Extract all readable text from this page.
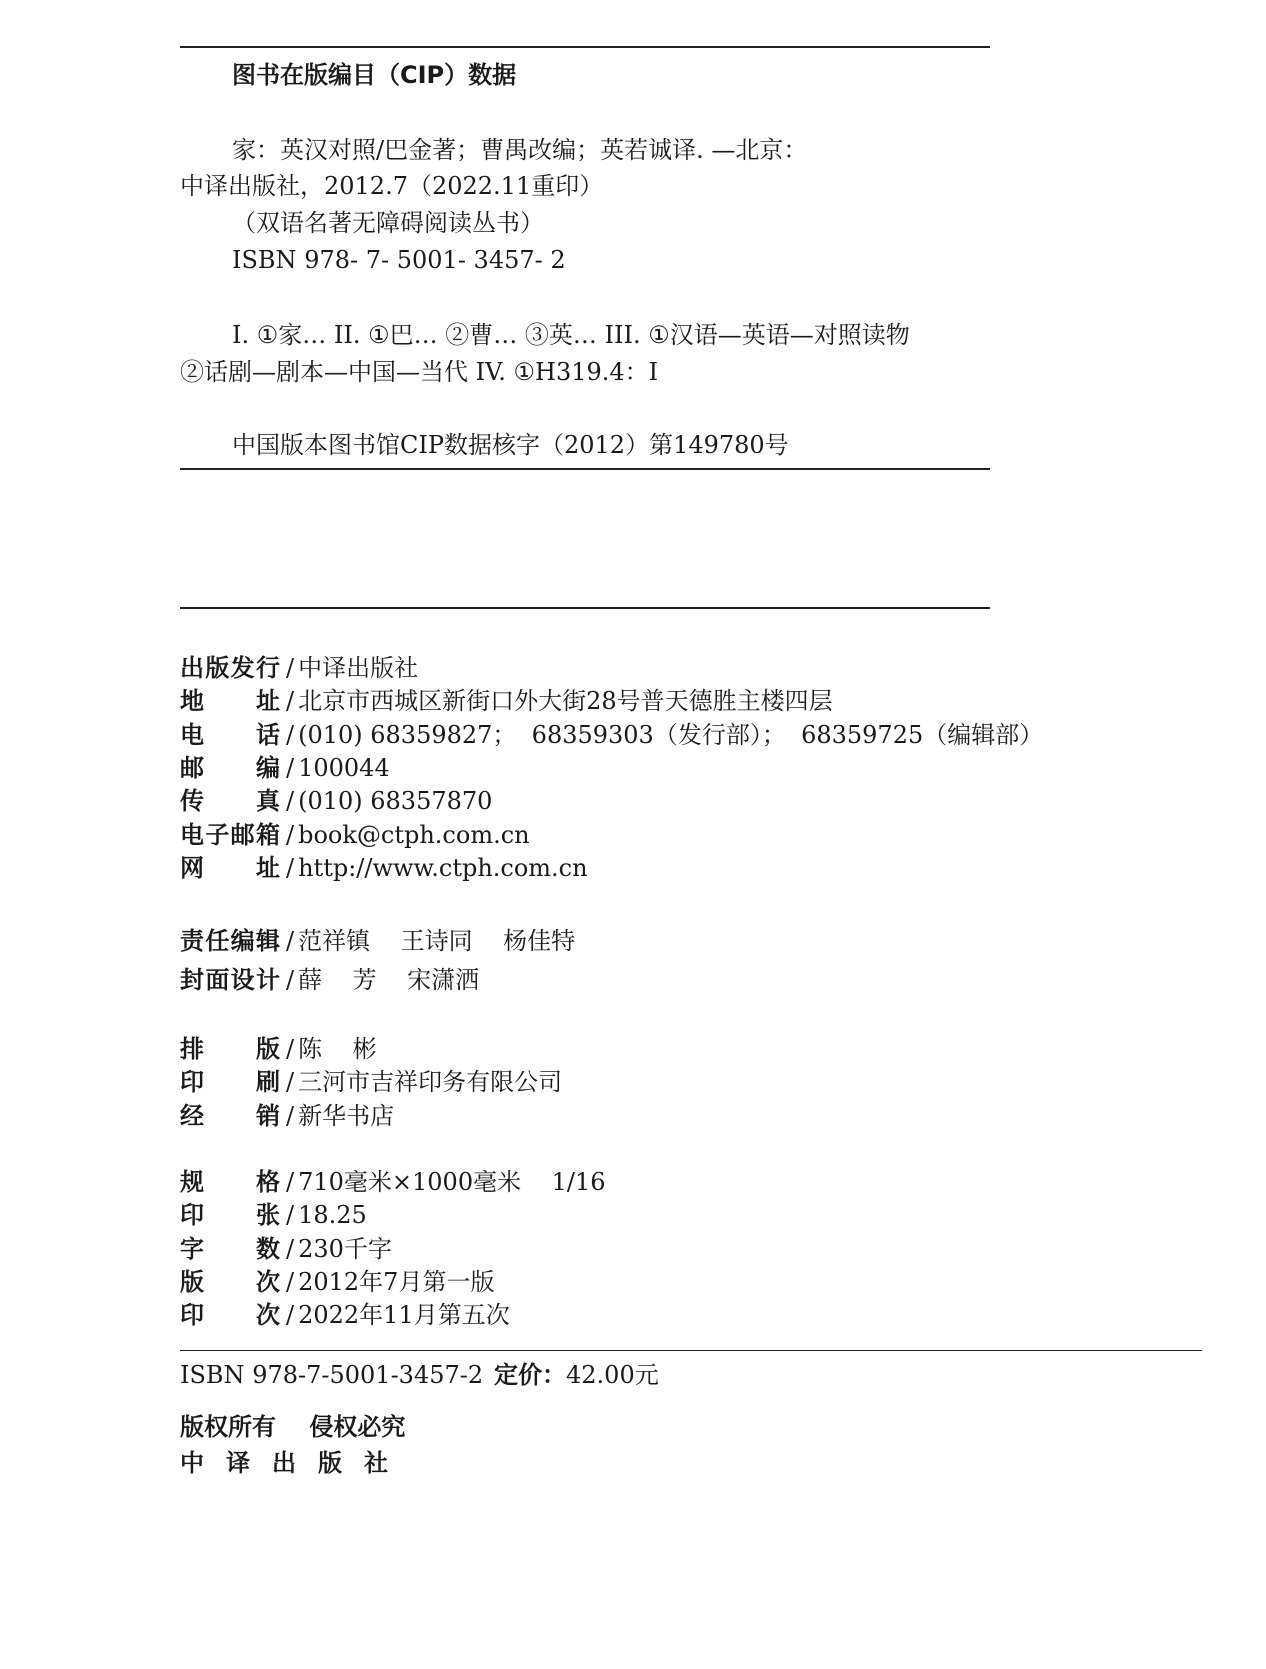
图书在版编目（CIP）数据
家：英汉对照/巴金著；曹禺改编；英若诚译. —北京：
中译出版社，2012.7（2022.11重印）
（双语名著无障碍阅读丛书）
ISBN 978- 7- 5001- 3457- 2
I. ①家… II. ①巴… ②曹… ③英… III. ①汉语—英语—对照读物
②话剧—剧本—中国—当代 IV. ①H319.4：I
中国版本图书馆CIP数据核字（2012）第149780号
出版发行 / 中译出版社
地址 / 北京市西城区新街口外大街28号普天德胜主楼四层
电话 / (010) 68359827；  68359303（发行部）；  68359725（编辑部）
邮编 / 100044
传真 / (010) 68357870
电子邮箱 / book@ctph.com.cn
网址 / http://www.ctph.com.cn
责任编辑 / 范祥镇    王诗同    杨佳特
封面设计 / 薛    芳    宋潇洒
排版 / 陈    彬
印刷 / 三河市吉祥印务有限公司
经销 / 新华书店
规格 / 710毫米×1000毫米    1/16
印张 / 18.25
字数 / 230千字
版次 / 2012年7月第一版
印次 / 2022年11月第五次
ISBN 978-7-5001-3457-2 定价：42.00元
版权所有    侵权必究
中译出版社
